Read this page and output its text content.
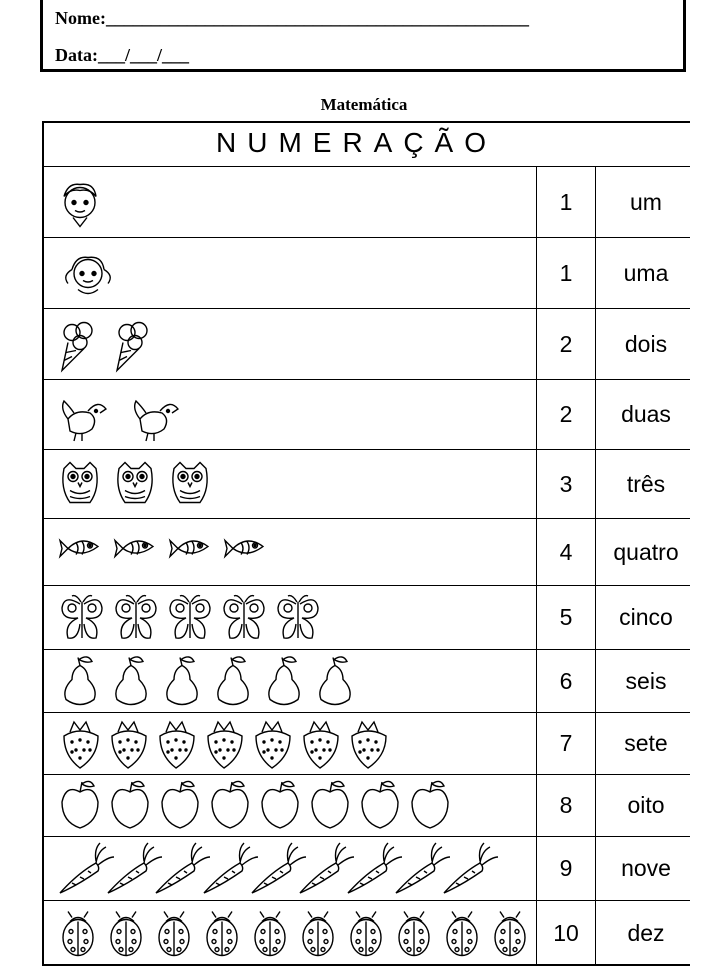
Nome:_______________________________________________
Data:___/___/___
Matemática
NUMERAÇÃO
1	um
1	uma
2	dois
2	duas
3	três
4	quatro
5	cinco
6	seis
7	sete
8	oito
9	nove
10	dez
